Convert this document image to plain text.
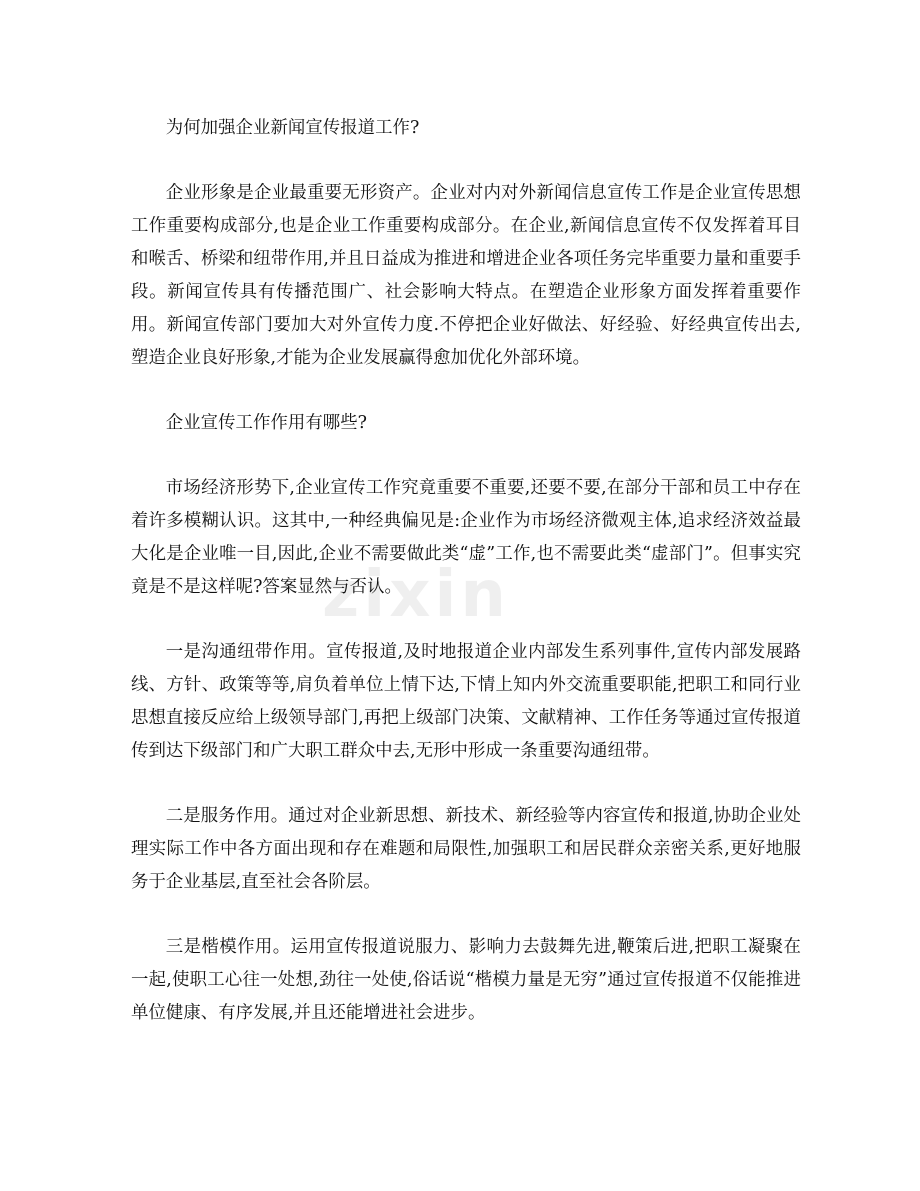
zixin

为何加强企业新闻宣传报道工作?

企业形象是企业最重要无形资产。企业对内对外新闻信息宣传工作是企业宣传思想工作重要构成部分,也是企业工作重要构成部分。在企业,新闻信息宣传不仅发挥着耳目和喉舌、桥梁和纽带作用,并且日益成为推进和增进企业各项任务完毕重要力量和重要手段。新闻宣传具有传播范围广、社会影响大特点。在塑造企业形象方面发挥着重要作用。新闻宣传部门要加大对外宣传力度.不停把企业好做法、好经验、好经典宣传出去,塑造企业良好形象,才能为企业发展赢得愈加优化外部环境。

企业宣传工作作用有哪些?

市场经济形势下,企业宣传工作究竟重要不重要,还要不要,在部分干部和员工中存在着许多模糊认识。这其中,一种经典偏见是:企业作为市场经济微观主体,追求经济效益最大化是企业唯一目,因此,企业不需要做此类“虚”工作,也不需要此类“虚部门”。但事实究竟是不是这样呢?答案显然与否认。

一是沟通纽带作用。宣传报道,及时地报道企业内部发生系列事件,宣传内部发展路线、方针、政策等等,肩负着单位上情下达,下情上知内外交流重要职能,把职工和同行业思想直接反应给上级领导部门,再把上级部门决策、文献精神、工作任务等通过宣传报道传到达下级部门和广大职工群众中去,无形中形成一条重要沟通纽带。

二是服务作用。通过对企业新思想、新技术、新经验等内容宣传和报道,协助企业处理实际工作中各方面出现和存在难题和局限性,加强职工和居民群众亲密关系,更好地服务于企业基层,直至社会各阶层。

三是楷模作用。运用宣传报道说服力、影响力去鼓舞先进,鞭策后进,把职工凝聚在一起,使职工心往一处想,劲往一处使,俗话说“楷模力量是无穷”通过宣传报道不仅能推进单位健康、有序发展,并且还能增进社会进步。
